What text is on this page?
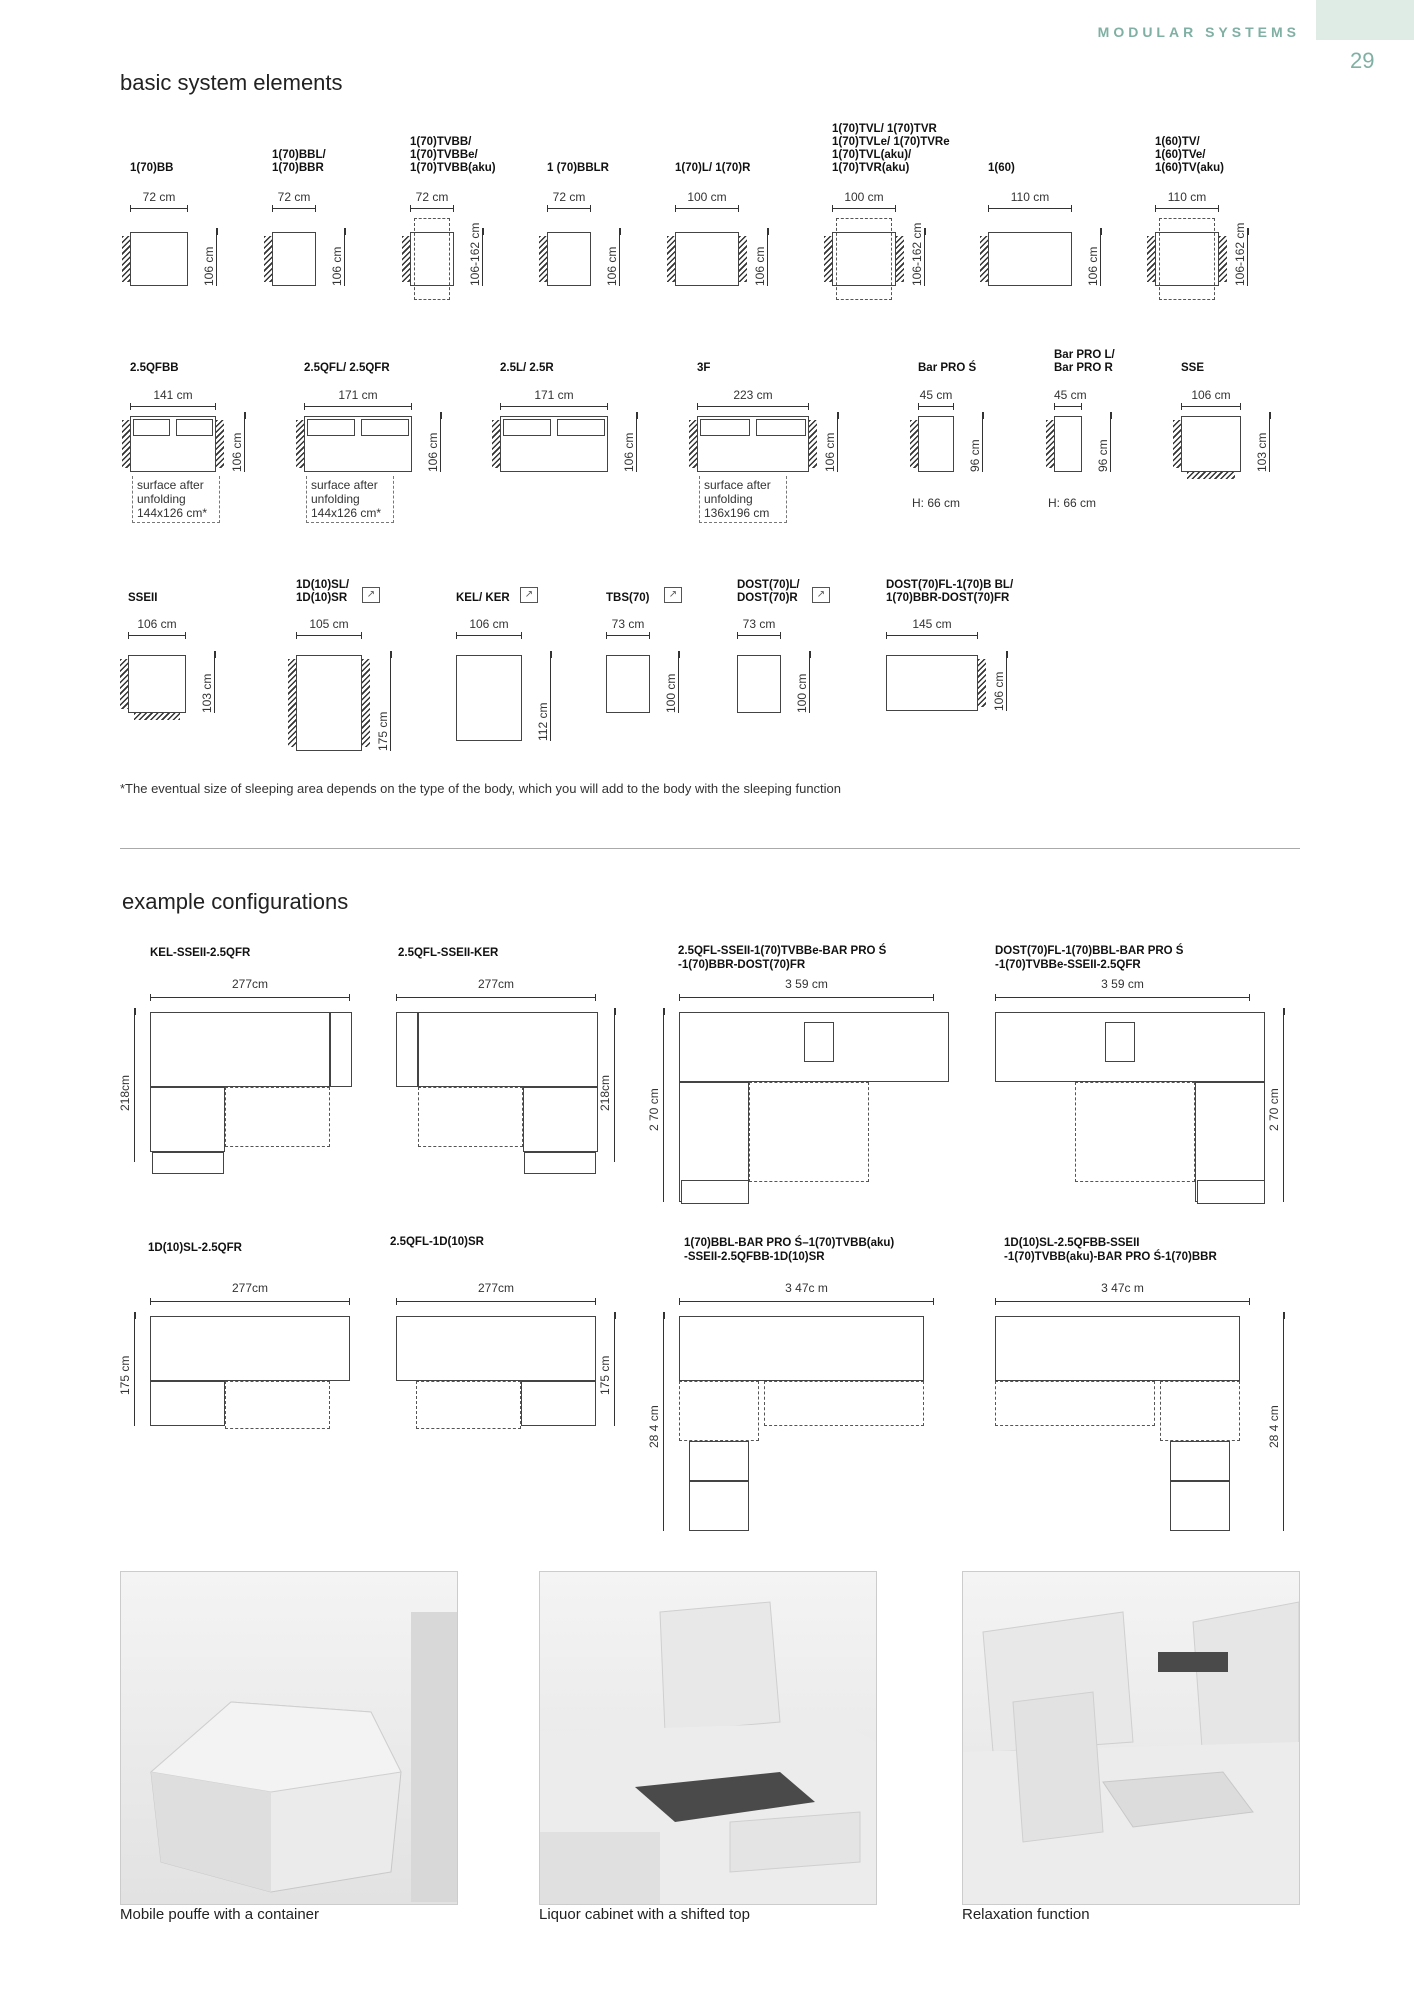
MODULAR SYSTEMS
29
basic system elements
1(70)BB
72 cm
106 cm
1(70)BBL/
1(70)BBR
72 cm
106 cm
1(70)TVBB/
1(70)TVBBe/
1(70)TVBB(aku)
72 cm
106-162 cm
1 (70)BBLR
72 cm
106 cm
1(70)L/ 1(70)R
100 cm
106 cm
1(70)TVL/ 1(70)TVR
1(70)TVLe/ 1(70)TVRe
1(70)TVL(aku)/
1(70)TVR(aku)
100 cm
106-162 cm
1(60)
110 cm
106 cm
1(60)TV/
1(60)TVe/
1(60)TV(aku)
110 cm
106-162 cm
2.5QFBB
141 cm
106 cm
surface after
unfolding
144x126 cm*
2.5QFL/ 2.5QFR
171 cm
106 cm
surface after
unfolding
144x126 cm*
2.5L/ 2.5R
171 cm
106 cm
3F
223 cm
106 cm
surface after
unfolding
136x196 cm
Bar PRO Ś
45 cm
96 cm
H: 66 cm
Bar PRO L/
Bar PRO R
45 cm
96 cm
H: 66 cm
SSE
106 cm
103 cm
SSEII
106 cm
103 cm
1D(10)SL/
1D(10)SR
105 cm
175 cm
↗	KEL/ KER
106 cm
112 cm
↗	TBS(70)
73 cm
100 cm
↗
DOST(70)L/
DOST(70)R
73 cm
100 cm
↗
DOST(70)FL-1(70)B BL/
1(70)BBR-DOST(70)FR
145 cm
106 cm
*The eventual size of sleeping area depends on the type of the body, which you will add to the body with the sleeping function
example configurations
KEL-SSEII-2.5QFR
277cm
218cm
2.5QFL-SSEII-KER
277cm
218cm
2.5QFL-SSEII-1(70)TVBBe-BAR PRO Ś
-1(70)BBR-DOST(70)FR
3 59 cm
2 70 cm
DOST(70)FL-1(70)BBL-BAR PRO Ś
-1(70)TVBBe-SSEII-2.5QFR
3 59 cm
2 70 cm
1D(10)SL-2.5QFR
277cm
175 cm
2.5QFL-1D(10)SR
277cm
175 cm
1(70)BBL-BAR PRO Ś–1(70)TVBB(aku)
-SSEII-2.5QFBB-1D(10)SR
3 47c m
28 4 cm
1D(10)SL-2.5QFBB-SSEII
-1(70)TVBB(aku)-BAR PRO Ś-1(70)BBR
3 47c m
28 4 cm
Mobile pouffe with a container	Liquor cabinet with a shifted top	Relaxation function
